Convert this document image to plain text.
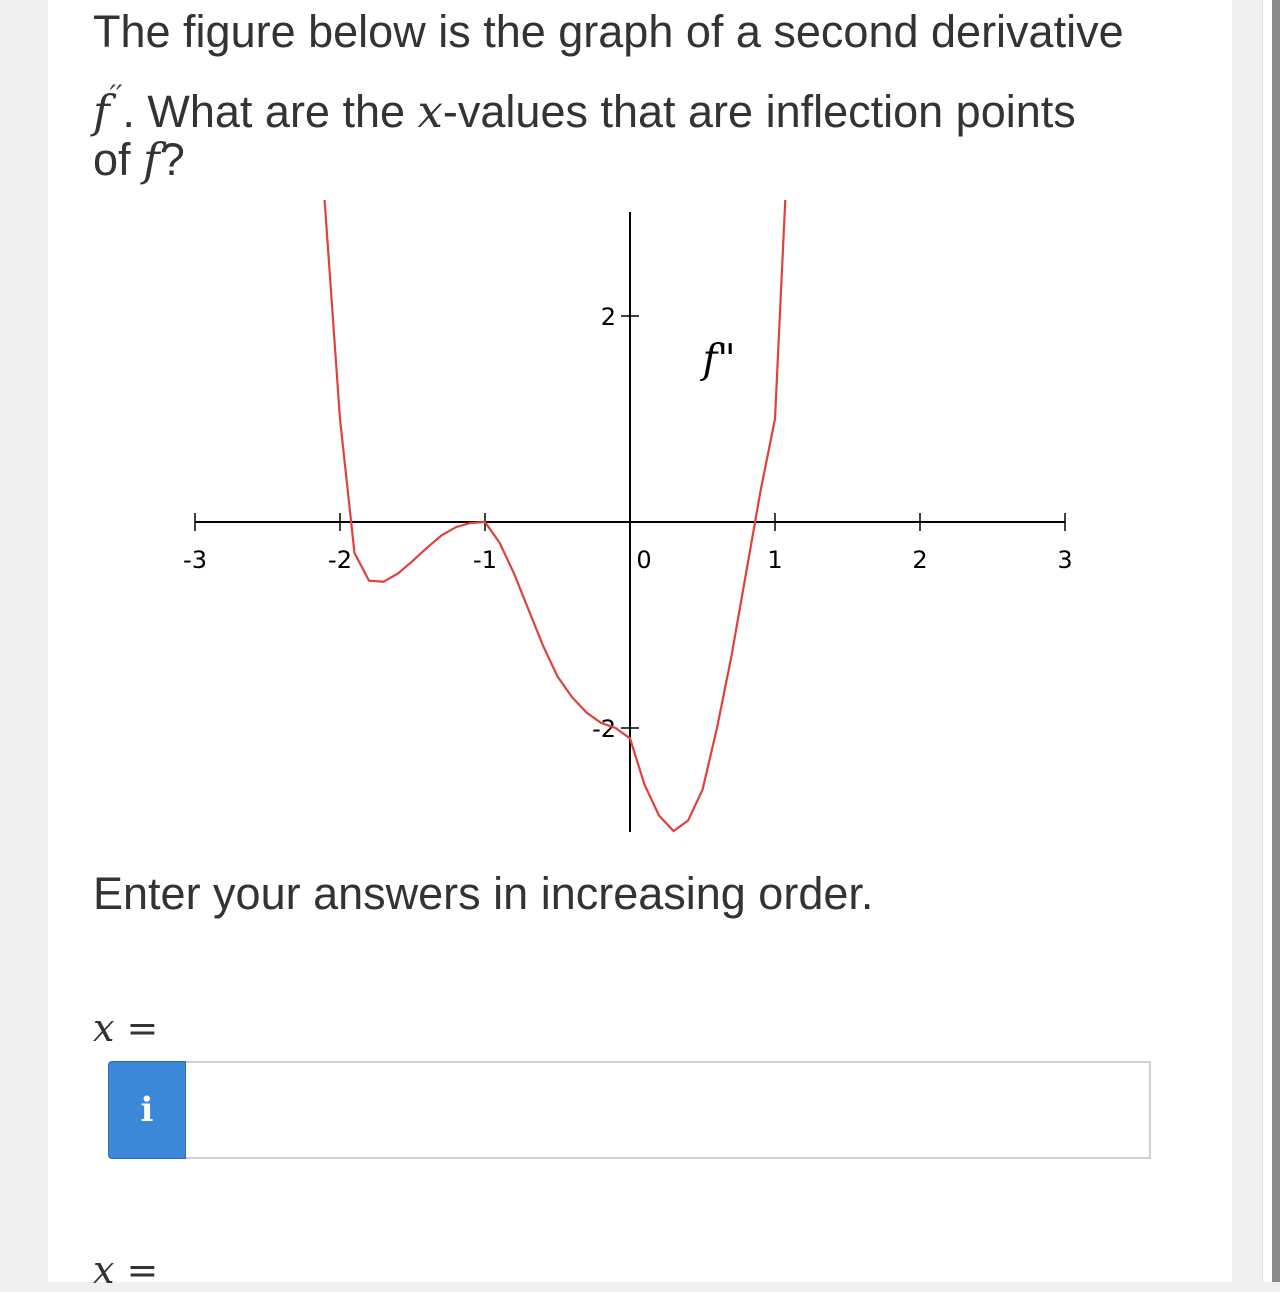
The figure below is the graph of a second derivative
f′′. What are the x-values that are inflection points
of f?
-3	-2	-1	0	1	2	3
2
-2
f"
Enter your answers in increasing order.
x =
i
x =
